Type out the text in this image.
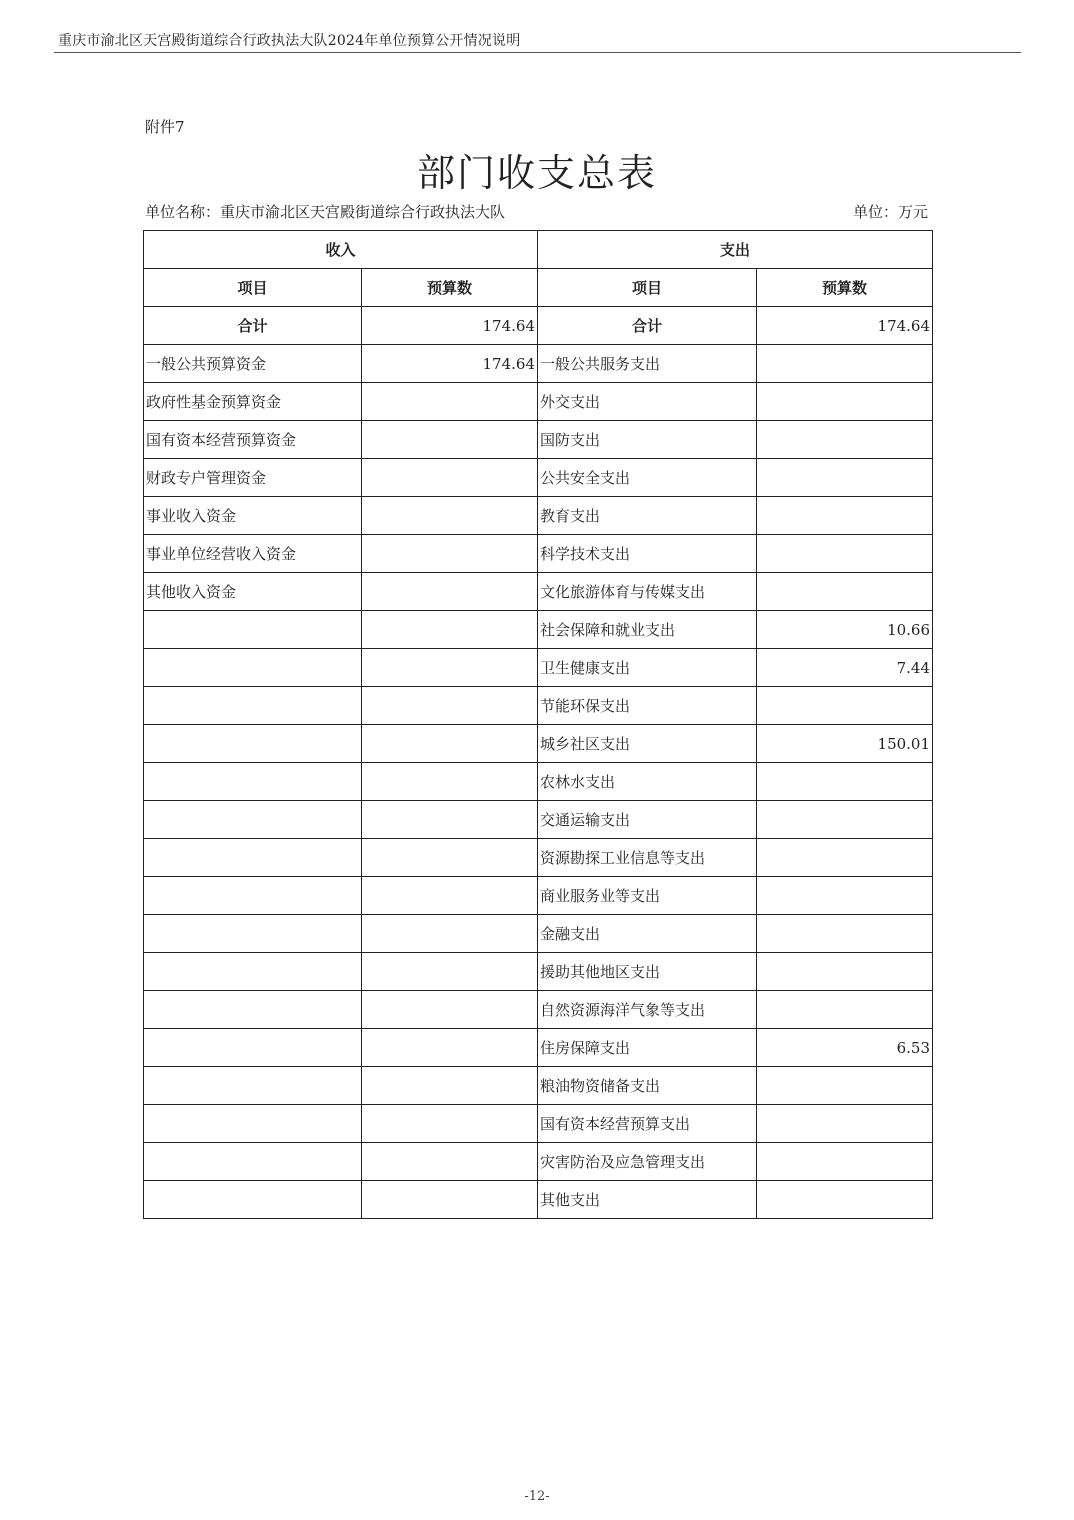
重庆市渝北区天宫殿街道综合行政执法大队2024年单位预算公开情况说明
附件7
部门收支总表
单位名称：重庆市渝北区天宫殿街道综合行政执法大队	单位：万元
收入		支出	
项目	预算数	项目	预算数
合计	174.64	合计	174.64
一般公共预算资金	174.64	一般公共服务支出	
政府性基金预算资金		外交支出	
国有资本经营预算资金		国防支出	
财政专户管理资金		公共安全支出	
事业收入资金		教育支出	
事业单位经营收入资金		科学技术支出	
其他收入资金		文化旅游体育与传媒支出	
		社会保障和就业支出	10.66
		卫生健康支出	7.44
		节能环保支出	
		城乡社区支出	150.01
		农林水支出	
		交通运输支出	
		资源勘探工业信息等支出	
		商业服务业等支出	
		金融支出	
		援助其他地区支出	
		自然资源海洋气象等支出	
		住房保障支出	6.53
		粮油物资储备支出	
		国有资本经营预算支出	
		灾害防治及应急管理支出	
		其他支出	
-12-
